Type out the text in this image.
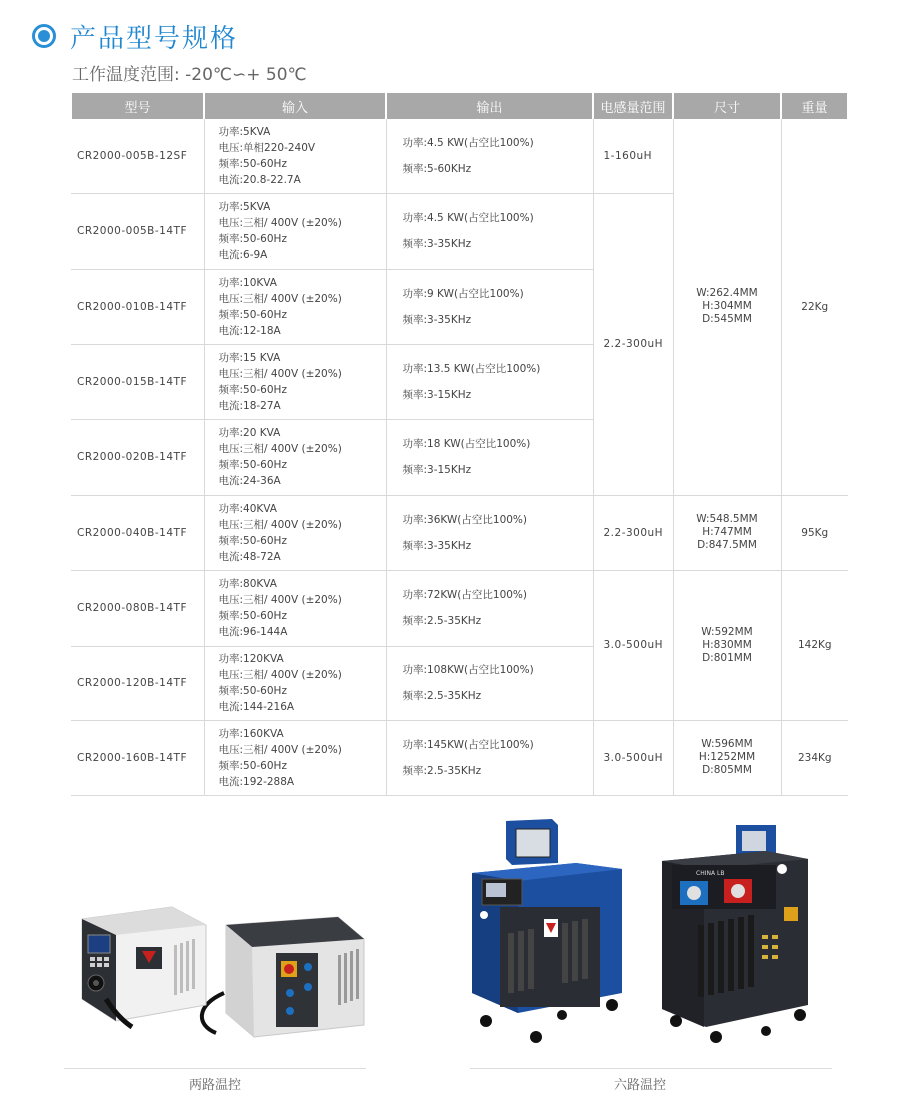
产品型号规格
工作温度范围: -20℃∽+ 50℃
型号	输入	输出	电感量范围	尺寸	重量
CR2000-005B-12SF	功率:5KVA
电压:单相220-240V
频率:50-60Hz
电流:20.8-22.7A	功率:4.5 KW(占空比100%)
频率:5-60KHz	1-160uH	W:262.4MM
H:304MM
D:545MM	22Kg
CR2000-005B-14TF	功率:5KVA
电压:三相/ 400V (±20%)
频率:50-60Hz
电流:6-9A	功率:4.5 KW(占空比100%)
频率:3-35KHz	2.2-300uH		
CR2000-010B-14TF	功率:10KVA
电压:三相/ 400V (±20%)
频率:50-60Hz
电流:12-18A	功率:9 KW(占空比100%)
频率:3-35KHz			

CR2000-015B-14TF	功率:15 KVA
电压:三相/ 400V (±20%)
频率:50-60Hz
电流:18-27A	功率:13.5 KW(占空比100%)
频率:3-15KHz			

CR2000-020B-14TF	功率:20 KVA
电压:三相/ 400V (±20%)
频率:50-60Hz
电流:24-36A	功率:18 KW(占空比100%)
频率:3-15KHz			

CR2000-040B-14TF	功率:40KVA
电压:三相/ 400V (±20%)
频率:50-60Hz
电流:48-72A	功率:36KW(占空比100%)
频率:3-35KHz	2.2-300uH	W:548.5MM
H:747MM
D:847.5MM	95Kg
CR2000-080B-14TF	功率:80KVA
电压:三相/ 400V (±20%)
频率:50-60Hz
电流:96-144A	功率:72KW(占空比100%)
频率:2.5-35KHz	3.0-500uH	W:592MM
H:830MM
D:801MM	142Kg
CR2000-120B-14TF	功率:120KVA
电压:三相/ 400V (±20%)
频率:50-60Hz
电流:144-216A	功率:108KW(占空比100%)
频率:2.5-35KHz			

CR2000-160B-14TF	功率:160KVA
电压:三相/ 400V (±20%)
频率:50-60Hz
电流:192-288A	功率:145KW(占空比100%)
频率:2.5-35KHz	3.0-500uH	W:596MM
H:1252MM
D:805MM	234Kg
两路温控
CHINA LB
六路温控
